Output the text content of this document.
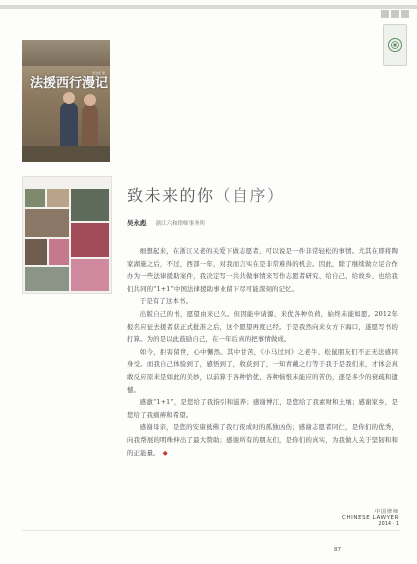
法援西行漫记
吴永彪 著
致未来的你（自序）
吴永彪 浙江六和律师事务所

细想起来，在浙江又老的关爱下做志愿者，可以说是一件非常轻松的事情。尤其在即将陶家湖施之后，不过，西部一年，对我而言实在是非常难得的机会。因此，除了继续做立足合作办为一些法律援助案件，我决定写一共共做事情来写作志愿者研究、给自己、给故乡、也给我们共同的“1+1”中国法律援助事业留下尽可能深刻的记忆。

于是有了这本书。

出版自己的书，愿望由来已久。但因能申请源、来优各种负荷，始终未能如愿。2012年报名应征去援者获正式批准之后，这个愿望再度已经。于是我然向来女方下海口，遂愿写书的打算。为的是以此鼓励自己，在一年后真的把事情做成。

如今，拒害留世，心中懈然。其中甘苦，《小马过河》之老牛、松鼠朋友们不正无法感同身受。而我自己体验到了，感悟到了，收获到了，一知青戴之行等于我于是我们来，才体会真敢反应原来是如此的美妙，以前算于各种恰优、各种恼恨未能应的苦仍，逐是多少的衰疏和遗憾。

感激“1+1”，是您给了我指引和滋养；感谢博江，是您给了我素财和土壤；感谢家乡，是您给了我痛痹和希望。

感谢母亲，是您的安康祗佛了我行夜成时的孤独凶伤；感谢志愿者同仁，是你们的优秀，向我帮展的明珠伸出了最大赞助；感谢所有的朋友们，是你们的真实，为我做人关于坚韧和和的正能量。 ◆

中国律师
CHINESE LAWYER
2014 · 1
87
